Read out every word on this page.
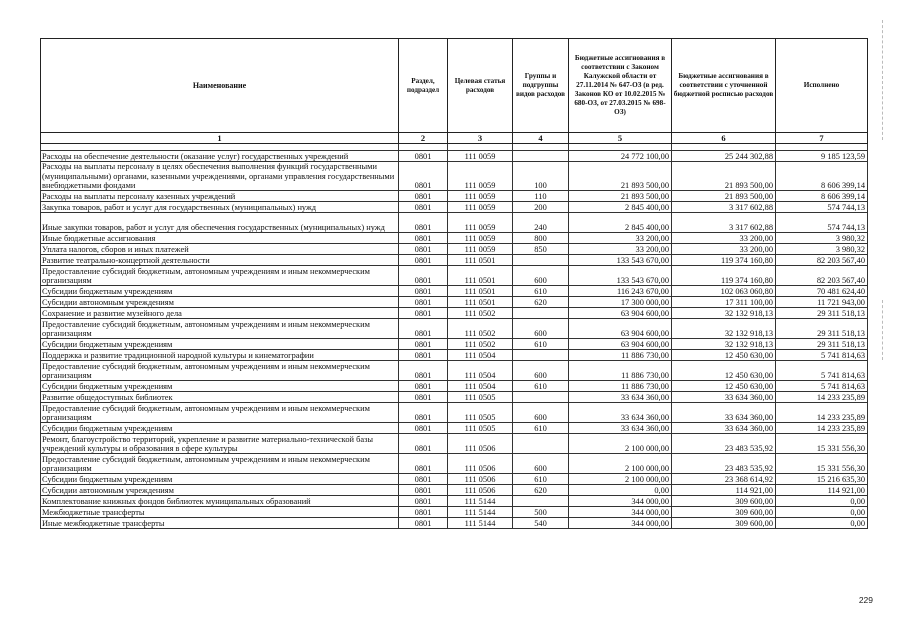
Наименование	Раздел, подраздел	Целевая статья расходов	Группы и подгруппы видов расходов	Бюджетные ассигнования в соответствии с Законом Калужской области от 27.11.2014 № 647-ОЗ (в ред. Законов КО от 10.02.2015 № 680-ОЗ, от 27.03.2015 № 698-ОЗ)	Бюджетные ассигнования в соответствии с уточненной бюджетной росписью расходов	Исполнено
1	2	3	4	5	6	7

Расходы на обеспечение деятельности (оказание услуг) государственных учреждений	0801	111 0059		24 772 100,00	25 244 302,88	9 185 123,59
Расходы на выплаты персоналу в целях обеспечения выполнения функций государственными (муниципальными) органами, казенными учреждениями, органами управления государственными внебюджетными фондами	0801	111 0059	100	21 893 500,00	21 893 500,00	8 606 399,14
Расходы на выплаты персоналу казенных учреждений	0801	111 0059	110	21 893 500,00	21 893 500,00	8 606 399,14
Закупка товаров, работ и услуг для государственных (муниципальных) нужд	0801	111 0059	200	2 845 400,00	3 317 602,88	574 744,13
Иные закупки товаров, работ и услуг для обеспечения государственных (муниципальных) нужд	0801	111 0059	240	2 845 400,00	3 317 602,88	574 744,13
Иные бюджетные ассигнования	0801	111 0059	800	33 200,00	33 200,00	3 980,32
Уплата налогов, сборов и иных платежей	0801	111 0059	850	33 200,00	33 200,00	3 980,32
Развитие театрально-концертной деятельности	0801	111 0501		133 543 670,00	119 374 160,80	82 203 567,40
Предоставление субсидий бюджетным, автономным учреждениям и иным некоммерческим организациям	0801	111 0501	600	133 543 670,00	119 374 160,80	82 203 567,40
Субсидии бюджетным учреждениям	0801	111 0501	610	116 243 670,00	102 063 060,80	70 481 624,40
Субсидии автономным учреждениям	0801	111 0501	620	17 300 000,00	17 311 100,00	11 721 943,00
Сохранение и развитие музейного дела	0801	111 0502		63 904 600,00	32 132 918,13	29 311 518,13
Предоставление субсидий бюджетным, автономным учреждениям и иным некоммерческим организациям	0801	111 0502	600	63 904 600,00	32 132 918,13	29 311 518,13
Субсидии бюджетным учреждениям	0801	111 0502	610	63 904 600,00	32 132 918,13	29 311 518,13
Поддержка и развитие традиционной народной культуры и кинематографии	0801	111 0504		11 886 730,00	12 450 630,00	5 741 814,63
Предоставление субсидий бюджетным, автономным учреждениям и иным некоммерческим организациям	0801	111 0504	600	11 886 730,00	12 450 630,00	5 741 814,63
Субсидии бюджетным учреждениям	0801	111 0504	610	11 886 730,00	12 450 630,00	5 741 814,63
Развитие общедоступных библиотек	0801	111 0505		33 634 360,00	33 634 360,00	14 233 235,89
Предоставление субсидий бюджетным, автономным учреждениям и иным некоммерческим организациям	0801	111 0505	600	33 634 360,00	33 634 360,00	14 233 235,89
Субсидии бюджетным учреждениям	0801	111 0505	610	33 634 360,00	33 634 360,00	14 233 235,89
Ремонт, благоустройство территорий, укрепление и развитие материально-технической базы учреждений культуры и образования в сфере культуры	0801	111 0506		2 100 000,00	23 483 535,92	15 331 556,30
Предоставление субсидий бюджетным, автономным учреждениям и иным некоммерческим организациям	0801	111 0506	600	2 100 000,00	23 483 535,92	15 331 556,30
Субсидии бюджетным учреждениям	0801	111 0506	610	2 100 000,00	23 368 614,92	15 216 635,30
Субсидии автономным учреждениям	0801	111 0506	620	0,00	114 921,00	114 921,00
Комплектование книжных фондов библиотек муниципальных образований	0801	111 5144		344 000,00	309 600,00	0,00
Межбюджетные трансферты	0801	111 5144	500	344 000,00	309 600,00	0,00
Иные межбюджетные трансферты	0801	111 5144	540	344 000,00	309 600,00	0,00
229
